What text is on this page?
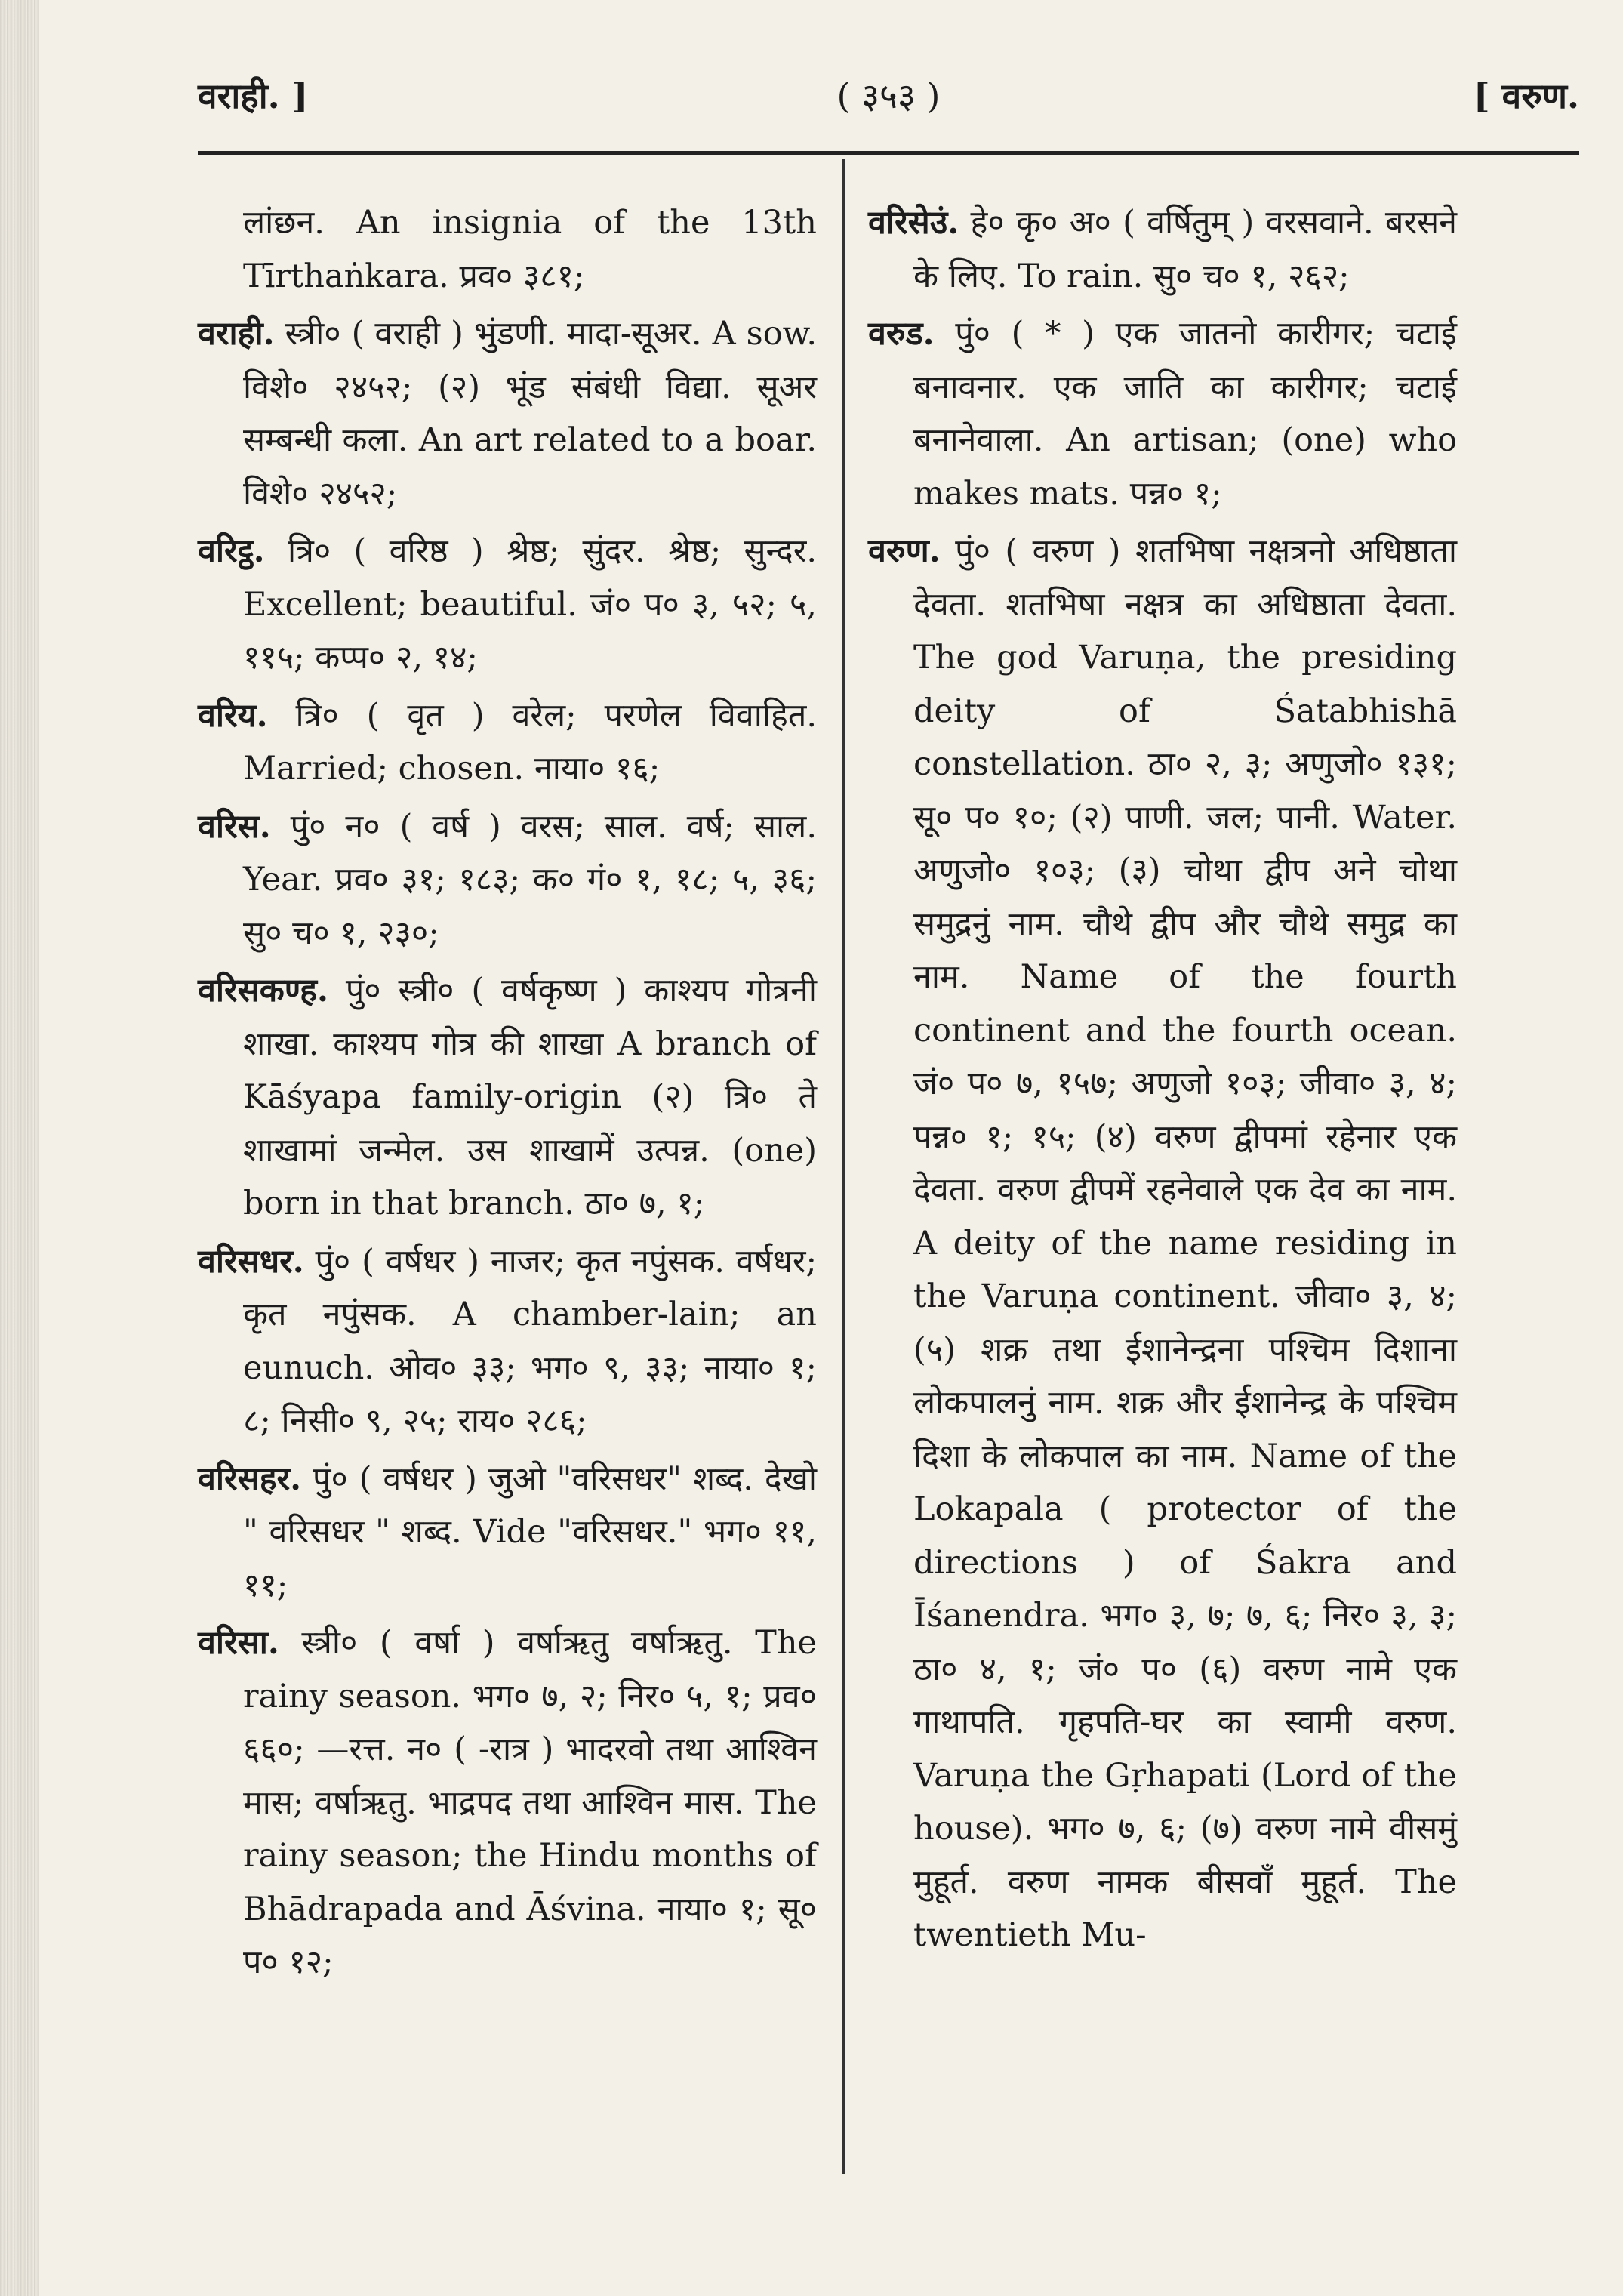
वराही. ]	( ३५३ )	[ वरुण.

लांछन. An insignia of the 13th Tīrthaṅkara. प्रव० ३८१;

वराही. स्त्री० ( वराही ) भुंडणी. मादा-सूअर. A sow. विशे० २४५२; (२) भूंड संबंधी विद्या. सूअर सम्बन्धी कला. An art related to a boar. विशे० २४५२;

वरिट्ठ. त्रि० ( वरिष्ठ ) श्रेष्ठ; सुंदर. श्रेष्ठ; सुन्दर. Excellent; beautiful. जं० प० ३, ५२; ५, ११५; कप्प० २, १४;

वरिय. त्रि० ( वृत ) वरेल; परणेल विवाहित. Married; chosen. नाया० १६;

वरिस. पुं० न० ( वर्ष ) वरस; साल. वर्ष; साल. Year. प्रव० ३१; १८३; क० गं० १, १८; ५, ३६; सु० च० १, २३०;

वरिसकण्ह. पुं० स्त्री० ( वर्षकृष्ण ) काश्यप गोत्रनी शाखा. काश्यप गोत्र की शाखा A branch of Kāśyapa family-origin (२) त्रि० ते शाखामां जन्मेल. उस शाखामें उत्पन्न. (one) born in that branch. ठा० ७, १;

वरिसधर. पुं० ( वर्षधर ) नाजर; कृत नपुंसक. वर्षधर; कृत नपुंसक. A chamber-lain; an eunuch. ओव० ३३; भग० ९, ३३; नाया० १; ८; निसी० ९, २५; राय० २८६;

वरिसहर. पुं० ( वर्षधर ) जुओ "वरिसधर" शब्द. देखो " वरिसधर " शब्द. Vide "वरिसधर." भग० ११, ११;

वरिसा. स्त्री० ( वर्षा ) वर्षाऋतु वर्षाऋतु. The rainy season. भग० ७, २; निर० ५, १; प्रव० ६६०; —रत्त. न० ( -रात्र ) भादरवो तथा आश्विन मास; वर्षाऋतु. भाद्रपद तथा आश्विन मास. The rainy season; the Hindu months of Bhādrapada and Āśvina. नाया० १; सू० प० १२;

वरिसेउं. हे० कृ० अ० ( वर्षितुम् ) वरसवाने. बरसने के लिए. To rain. सु० च० १, २६२;

वरुड. पुं० ( * ) एक जातनो कारीगर; चटाई बनावनार. एक जाति का कारीगर; चटाई बनानेवाला. An artisan; (one) who makes mats. पन्न० १;

वरुण. पुं० ( वरुण ) शतभिषा नक्षत्रनो अधिष्ठाता देवता. शतभिषा नक्षत्र का अधिष्ठाता देवता. The god Varuṇa, the presiding deity of Śatabhishā constellation. ठा० २, ३; अणुजो० १३१; सू० प० १०; (२) पाणी. जल; पानी. Water. अणुजो० १०३; (३) चोथा द्वीप अने चोथा समुद्रनुं नाम. चौथे द्वीप और चौथे समुद्र का नाम. Name of the fourth continent and the fourth ocean. जं० प० ७, १५७; अणुजो १०३; जीवा० ३, ४; पन्न० १; १५; (४) वरुण द्वीपमां रहेनार एक देवता. वरुण द्वीपमें रहनेवाले एक देव का नाम. A deity of the name residing in the Varuṇa continent. जीवा० ३, ४; (५) शक्र तथा ईशानेन्द्रना पश्चिम दिशाना लोकपालनुं नाम. शक्र और ईशानेन्द्र के पश्चिम दिशा के लोकपाल का नाम. Name of the Lokapala ( protector of the directions ) of Śakra and Īśanendra. भग० ३, ७; ७, ६; निर० ३, ३; ठा० ४, १; जं० प० (६) वरुण नामे एक गाथापति. गृहपति-घर का स्वामी वरुण. Varuṇa the Gṛhapati (Lord of the house). भग० ७, ६; (७) वरुण नामे वीसमुं मुहूर्त. वरुण नामक बीसवाँ मुहूर्त. The twentieth Mu-
